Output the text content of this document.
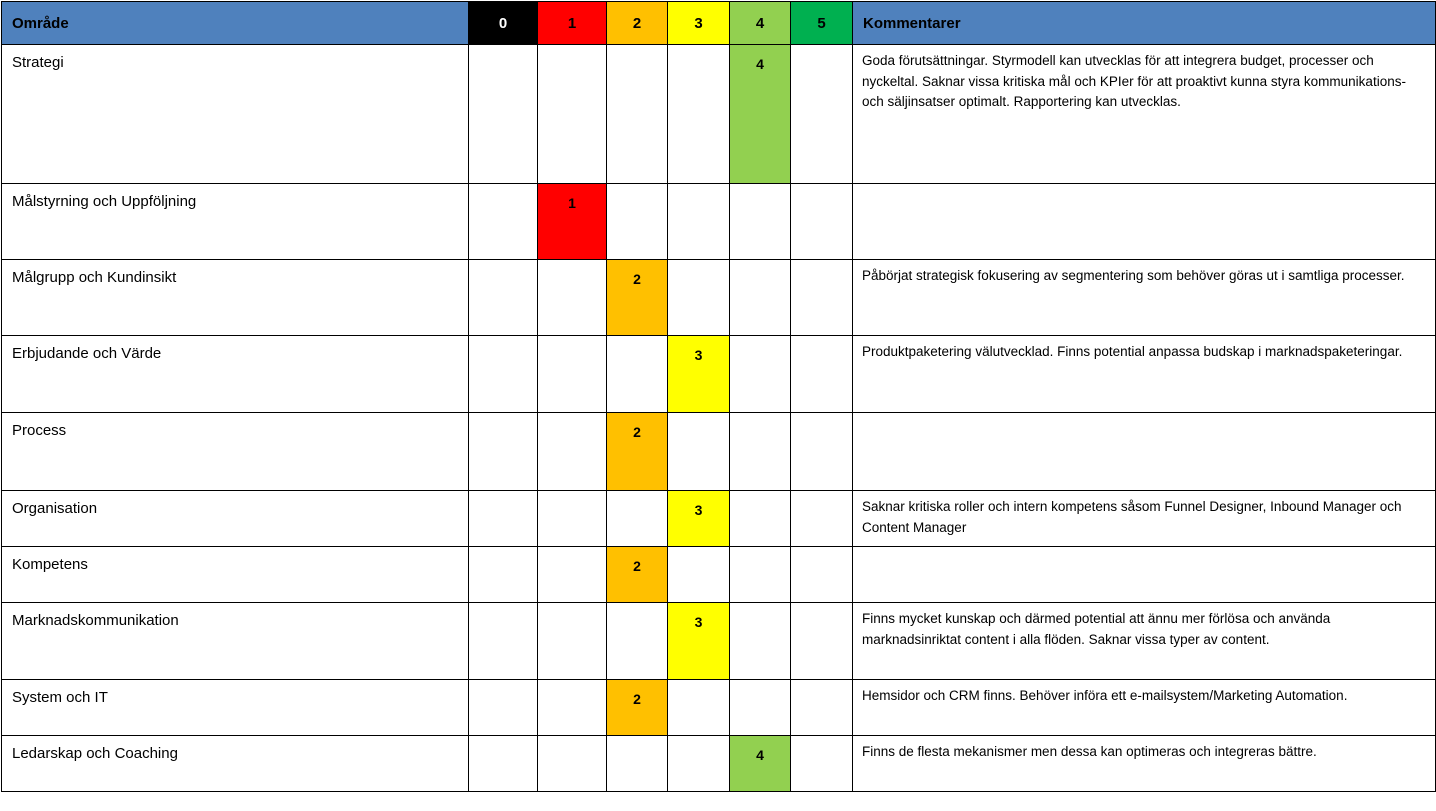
Område	0	1	2	3	4	5	Kommentarer
Strategi					4		Goda förutsättningar. Styrmodell kan utvecklas för att integrera budget, processer och nyckeltal. Saknar vissa kritiska mål och KPIer för att proaktivt kunna styra kommunikations- och säljinsatser optimalt. Rapportering kan utvecklas.
Målstyrning och Uppföljning		1					
Målgrupp och Kundinsikt			2				Påbörjat strategisk fokusering av segmentering som behöver göras ut i samtliga processer.
Erbjudande och Värde				3			Produktpaketering välutvecklad. Finns potential anpassa budskap i marknadspaketeringar.
Process			2				
Organisation				3			Saknar kritiska roller och intern kompetens såsom Funnel Designer, Inbound Manager och Content Manager
Kompetens			2				
Marknadskommunikation				3			Finns mycket kunskap och därmed potential att ännu mer förlösa och använda marknadsinriktat content i alla flöden. Saknar vissa typer av content.
System och IT			2				Hemsidor och CRM finns. Behöver införa ett e-mailsystem/Marketing Automation.
Ledarskap och Coaching					4		Finns de flesta mekanismer men dessa kan optimeras och integreras bättre.
